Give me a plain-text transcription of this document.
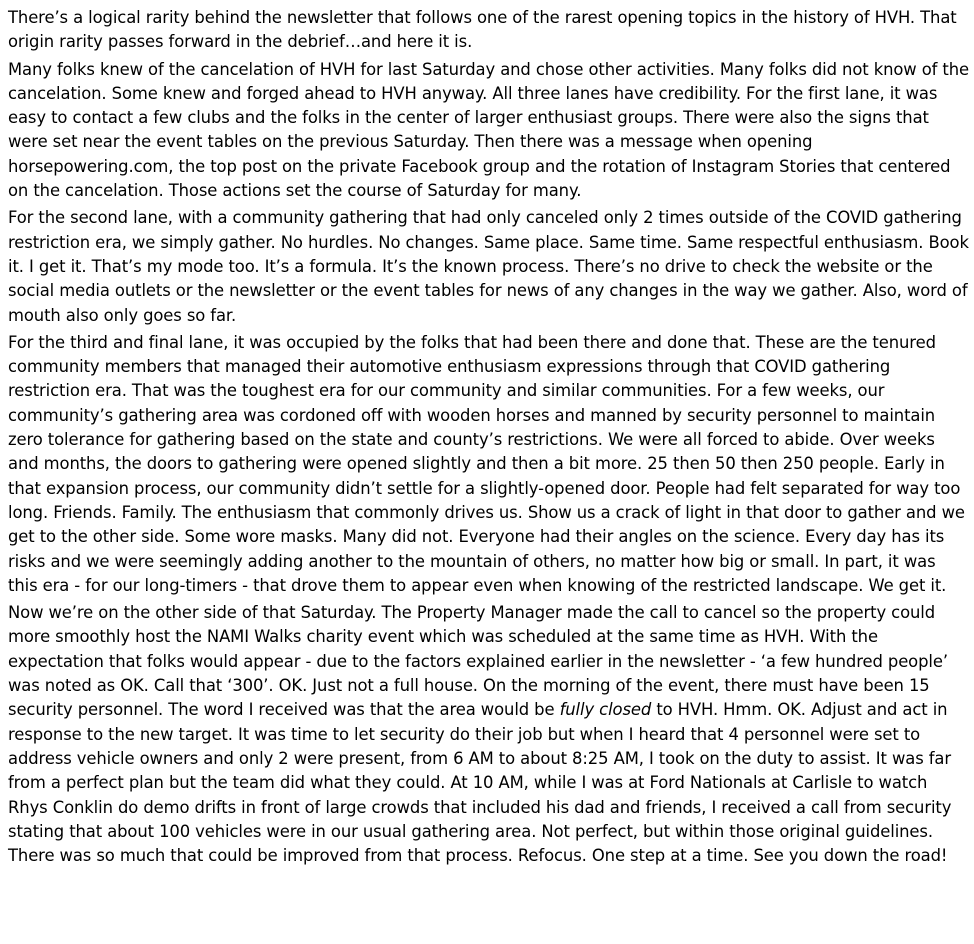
There’s a logical rarity behind the newsletter that follows one of the rarest opening topics in the history of HVH. That origin rarity passes forward in the debrief…and here it is.

Many folks knew of the cancelation of HVH for last Saturday and chose other activities. Many folks did not know of the cancelation. Some knew and forged ahead to HVH anyway. All three lanes have credibility. For the first lane, it was easy to contact a few clubs and the folks in the center of larger enthusiast groups. There were also the signs that were set near the event tables on the previous Saturday. Then there was a message when opening horsepowering.com, the top post on the private Facebook group and the rotation of Instagram Stories that centered on the cancelation. Those actions set the course of Saturday for many.

For the second lane, with a community gathering that had only canceled only 2 times outside of the COVID gathering restriction era, we simply gather. No hurdles. No changes. Same place. Same time. Same respectful enthusiasm. Book it. I get it. That’s my mode too. It’s a formula. It’s the known process. There’s no drive to check the website or the social media outlets or the newsletter or the event tables for news of any changes in the way we gather. Also, word of mouth also only goes so far.

For the third and final lane, it was occupied by the folks that had been there and done that. These are the tenured community members that managed their automotive enthusiasm expressions through that COVID gathering restriction era. That was the toughest era for our community and similar communities. For a few weeks, our community’s gathering area was cordoned off with wooden horses and manned by security personnel to maintain zero tolerance for gathering based on the state and county’s restrictions. We were all forced to abide. Over weeks and months, the doors to gathering were opened slightly and then a bit more. 25 then 50 then 250 people. Early in that expansion process, our community didn’t settle for a slightly-opened door. People had felt separated for way too long. Friends. Family. The enthusiasm that commonly drives us. Show us a crack of light in that door to gather and we get to the other side. Some wore masks. Many did not. Everyone had their angles on the science. Every day has its risks and we were seemingly adding another to the mountain of others, no matter how big or small. In part, it was this era - for our long-timers - that drove them to appear even when knowing of the restricted landscape. We get it.

Now we’re on the other side of that Saturday. The Property Manager made the call to cancel so the property could more smoothly host the NAMI Walks charity event which was scheduled at the same time as HVH. With the expectation that folks would appear - due to the factors explained earlier in the newsletter - ‘a few hundred people’ was noted as OK. Call that ‘300’. OK. Just not a full house. On the morning of the event, there must have been 15 security personnel. The word I received was that the area would be fully closed to HVH. Hmm. OK. Adjust and act in response to the new target. It was time to let security do their job but when I heard that 4 personnel were set to address vehicle owners and only 2 were present, from 6 AM to about 8:25 AM, I took on the duty to assist. It was far from a perfect plan but the team did what they could. At 10 AM, while I was at Ford Nationals at Carlisle to watch Rhys Conklin do demo drifts in front of large crowds that included his dad and friends, I received a call from security stating that about 100 vehicles were in our usual gathering area. Not perfect, but within those original guidelines. There was so much that could be improved from that process. Refocus. One step at a time. See you down the road!
